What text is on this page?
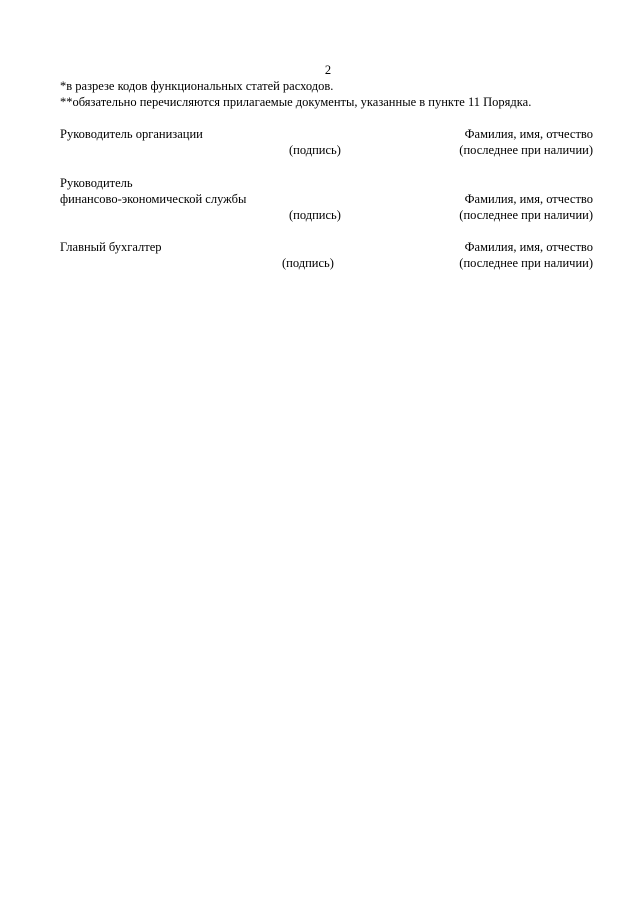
2
*в разрезе кодов функциональных статей расходов.
**обязательно перечисляются прилагаемые документы, указанные в пункте 11 Порядка.
Руководитель организации	Фамилия, имя, отчество
(подпись)	(последнее при наличии)
Руководитель
финансово-экономической службы	Фамилия, имя, отчество
(подпись)	(последнее при наличии)
Главный бухгалтер	Фамилия, имя, отчество
(подпись)	(последнее при наличии)
